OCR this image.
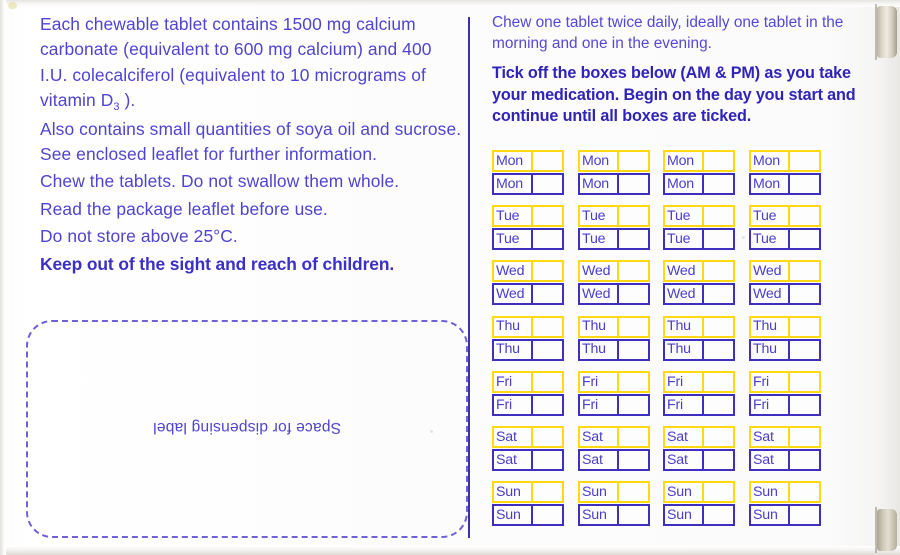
Each chewable tablet contains 1500 mg calcium carbonate (equivalent to 600 mg calcium) and 400 I.U. colecalciferol (equivalent to 10 micrograms of vitamin $D_3$ ).

Also contains small quantities of soya oil and sucrose. See enclosed leaflet for further information.

Chew the tablets. Do not swallow them whole.

Read the package leaflet before use.

Do not store above 25°C.

Keep out of the sight and reach of children.

Space for dispensing label

Chew one tablet twice daily, ideally one tablet in the morning and one in the evening.

Tick off the boxes below (AM & PM) as you take your medication. Begin on the day you start and continue until all boxes are ticked.

Mon
Mon
Mon
Mon
Mon
Mon
Mon
Mon
Tue
Tue
Tue
Tue
Tue
Tue
Tue
Tue
Wed
Wed
Wed
Wed
Wed
Wed
Wed
Wed
Thu
Thu
Thu
Thu
Thu
Thu
Thu
Thu
Fri
Fri
Fri
Fri
Fri
Fri
Fri
Fri
Sat
Sat
Sat
Sat
Sat
Sat
Sat
Sat
Sun
Sun
Sun
Sun
Sun
Sun
Sun
Sun
